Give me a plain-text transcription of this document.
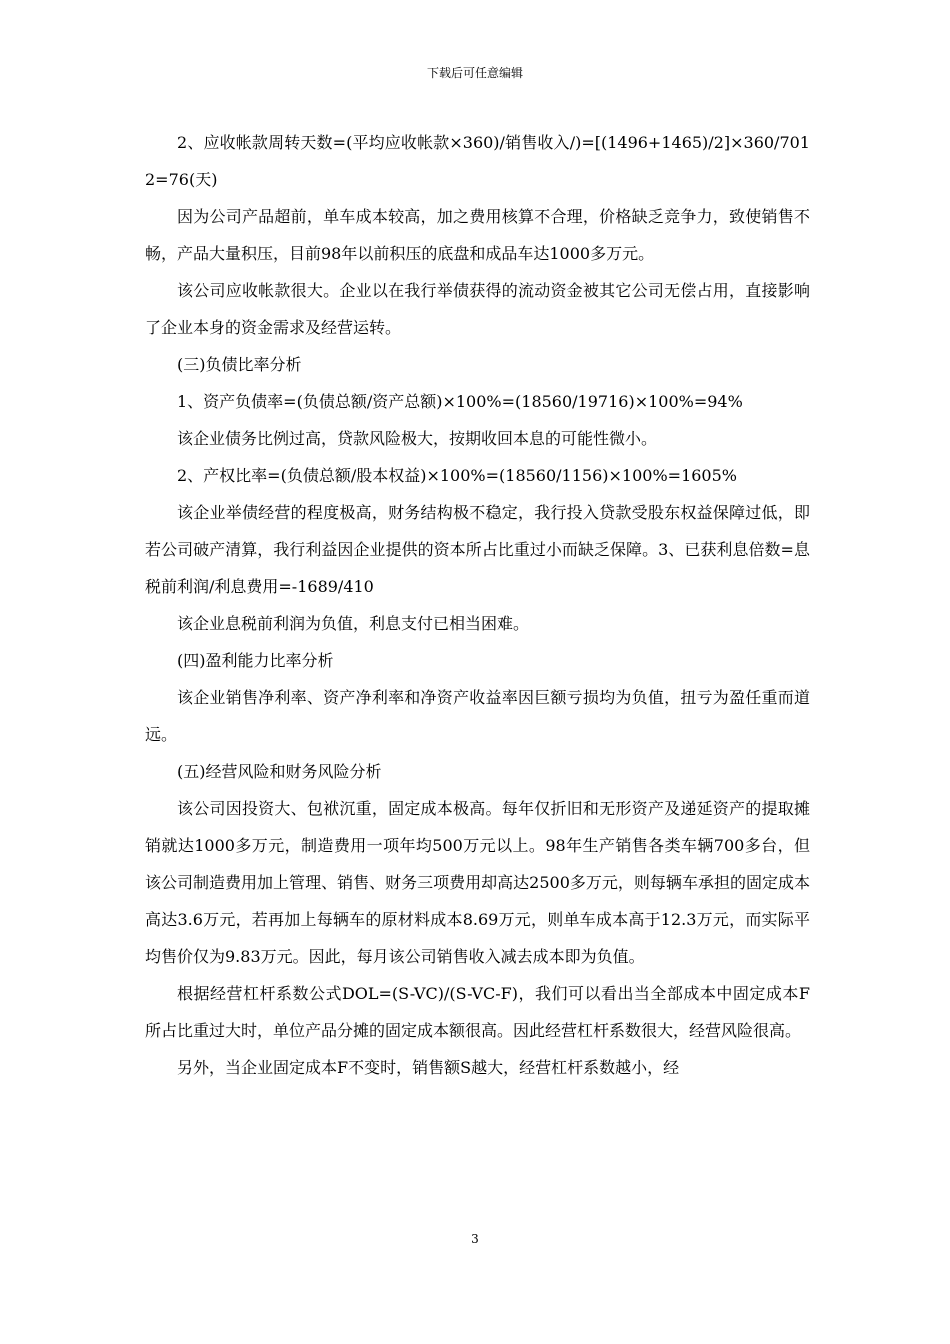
下载后可任意编辑

2、应收帐款周转天数=(平均应收帐款×360)/销售收入/)=[(1496+1465)/2]×360/7012=76(天)

因为公司产品超前，单车成本较高，加之费用核算不合理，价格缺乏竞争力，致使销售不畅，产品大量积压，目前98年以前积压的底盘和成品车达1000多万元。

该公司应收帐款很大。企业以在我行举债获得的流动资金被其它公司无偿占用，直接影响了企业本身的资金需求及经营运转。

(三)负债比率分析

1、资产负债率=(负债总额/资产总额)×100%=(18560/19716)×100%=94%

该企业债务比例过高，贷款风险极大，按期收回本息的可能性微小。

2、产权比率=(负债总额/股本权益)×100%=(18560/1156)×100%=1605%

该企业举债经营的程度极高，财务结构极不稳定，我行投入贷款受股东权益保障过低，即若公司破产清算，我行利益因企业提供的资本所占比重过小而缺乏保障。3、已获利息倍数=息税前利润/利息费用=-1689/410

该企业息税前利润为负值，利息支付已相当困难。

(四)盈利能力比率分析

该企业销售净利率、资产净利率和净资产收益率因巨额亏损均为负值，扭亏为盈任重而道远。

(五)经营风险和财务风险分析

该公司因投资大、包袱沉重，固定成本极高。每年仅折旧和无形资产及递延资产的提取摊销就达1000多万元，制造费用一项年均500万元以上。98年生产销售各类车辆700多台，但该公司制造费用加上管理、销售、财务三项费用却高达2500多万元，则每辆车承担的固定成本高达3.6万元，若再加上每辆车的原材料成本8.69万元，则单车成本高于12.3万元，而实际平均售价仅为9.83万元。因此，每月该公司销售收入减去成本即为负值。

根据经营杠杆系数公式DOL=(S-VC)/(S-VC-F)，我们可以看出当全部成本中固定成本F所占比重过大时，单位产品分摊的固定成本额很高。因此经营杠杆系数很大，经营风险很高。

另外，当企业固定成本F不变时，销售额S越大，经营杠杆系数越小，经

3
